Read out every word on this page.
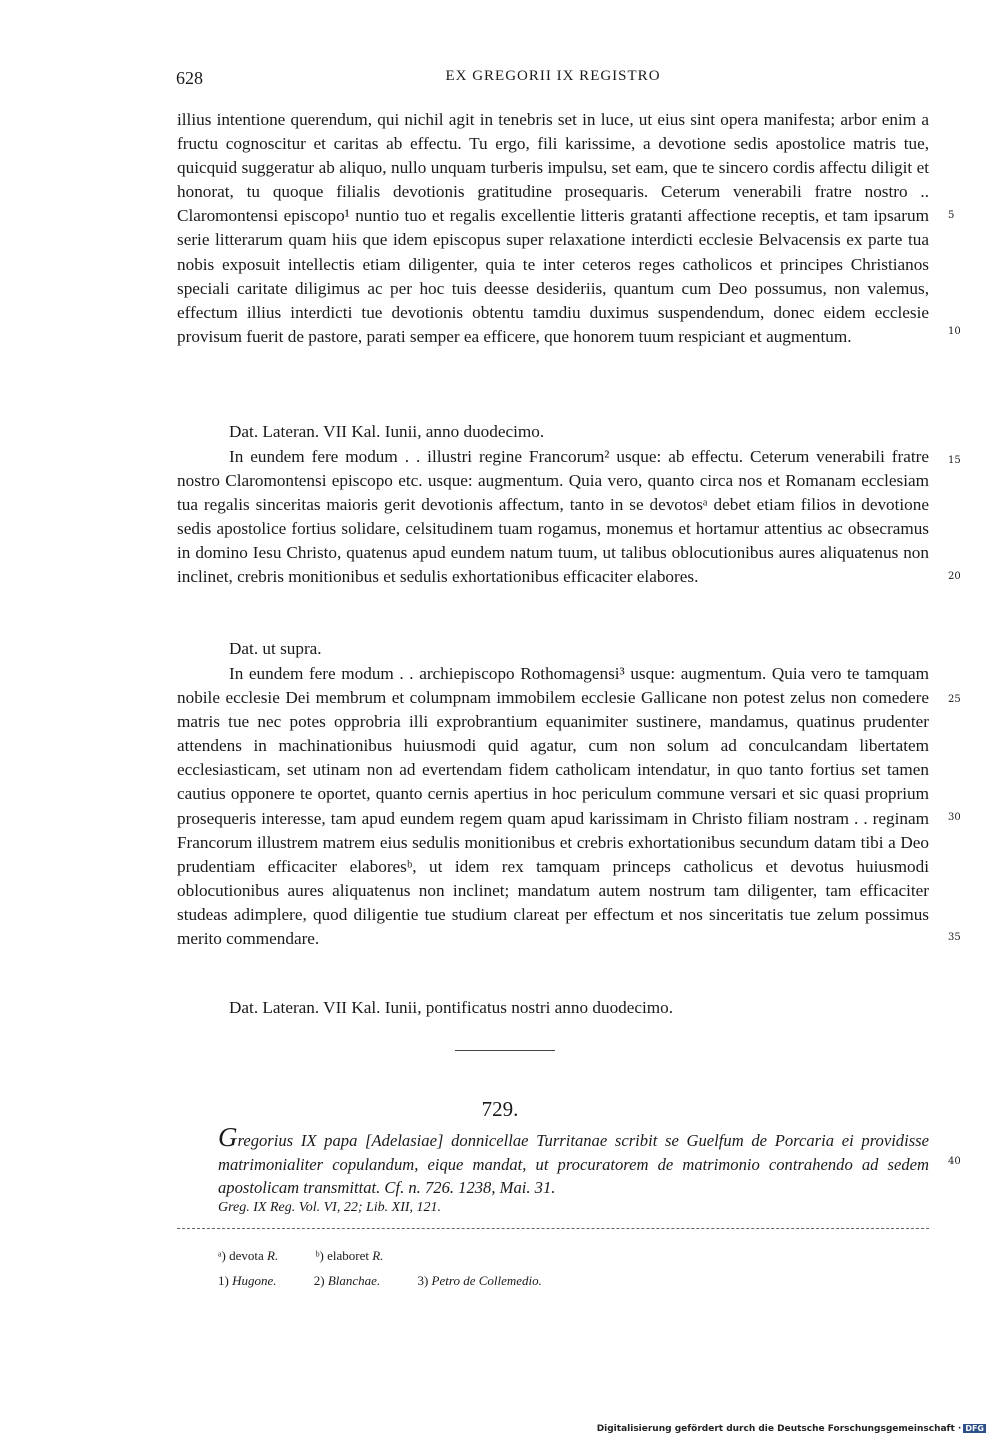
628	EX GREGORII IX REGISTRO

illius intentione querendum, qui nichil agit in tenebris set in luce, ut eius sint opera manifesta; arbor enim a fructu cognoscitur et caritas ab effectu. Tu ergo, fili karissime, a devotione sedis apostolice matris tue, quicquid suggeratur ab aliquo, nullo unquam turberis impulsu, set eam, que te sincero cordis affectu diligit et honorat, tu quoque filialis devotionis gratitudine prosequaris. Ceterum venerabili fratre nostro .. Claromontensi episcopo¹ nuntio tuo et regalis excellentie litteris gratanti affectione receptis, et tam ipsarum serie litterarum quam hiis que idem episcopus super relaxatione interdicti ecclesie Belvacensis ex parte tua nobis exposuit intellectis etiam diligenter, quia te inter ceteros reges catholicos et principes Christianos speciali caritate diligimus ac per hoc tuis deesse desideriis, quantum cum Deo possumus, non valemus, effectum illius interdicti tue devotionis obtentu tamdiu duximus suspendendum, donec eidem ecclesie provisum fuerit de pastore, parati semper ea efficere, que honorem tuum respiciant et augmentum.

Dat. Lateran. VII Kal. Iunii, anno duodecimo.

In eundem fere modum . . illustri regine Francorum² usque: ab effectu. Ceterum venerabili fratre nostro Claromontensi episcopo etc. usque: augmentum. Quia vero, quanto circa nos et Romanam ecclesiam tua regalis sinceritas maioris gerit devotionis affectum, tanto in se devotosᵃ debet etiam filios in devotione sedis apostolice fortius solidare, celsitudinem tuam rogamus, monemus et hortamur attentius ac obsecramus in domino Iesu Christo, quatenus apud eundem natum tuum, ut talibus oblocutionibus aures aliquatenus non inclinet, crebris monitionibus et sedulis exhortationibus efficaciter elabores.

Dat. ut supra.

In eundem fere modum . . archiepiscopo Rothomagensi³ usque: augmentum. Quia vero te tamquam nobile ecclesie Dei membrum et columpnam immobilem ecclesie Gallicane non potest zelus non comedere matris tue nec potes opprobria illi exprobrantium equanimiter sustinere, mandamus, quatinus prudenter attendens in machinationibus huiusmodi quid agatur, cum non solum ad conculcandam libertatem ecclesiasticam, set utinam non ad evertendam fidem catholicam intendatur, in quo tanto fortius set tamen cautius opponere te oportet, quanto cernis apertius in hoc periculum commune versari et sic quasi proprium prosequeris interesse, tam apud eundem regem quam apud karissimam in Christo filiam nostram . . reginam Francorum illustrem matrem eius sedulis monitionibus et crebris exhortationibus secundum datam tibi a Deo prudentiam efficaciter elaboresᵇ, ut idem rex tamquam princeps catholicus et devotus huiusmodi oblocutionibus aures aliquatenus non inclinet; mandatum autem nostrum tam diligenter, tam efficaciter studeas adimplere, quod diligentie tue studium clareat per effectum et nos sinceritatis tue zelum possimus merito commendare.

Dat. Lateran. VII Kal. Iunii, pontificatus nostri anno duodecimo.

5
10
15
20
25
30
35
40
729.

Gregorius IX papa [Adelasiae] donnicellae Turritanae scribit se Guelfum de Porcaria ei providisse matrimonialiter copulandum, eique mandat, ut procuratorem de matrimonio contrahendo ad sedem apostolicam transmittat. Cf. n. 726. 1238, Mai. 31.

Greg. IX Reg. Vol. VI, 22; Lib. XII, 121.
ᵃ) devota R.	ᵇ) elaboret R.
1) Hugone.	2) Blanchae.	3) Petro de Collemedio.
Digitalisierung gefördert durch die Deutsche Forschungsgemeinschaft · DFG
